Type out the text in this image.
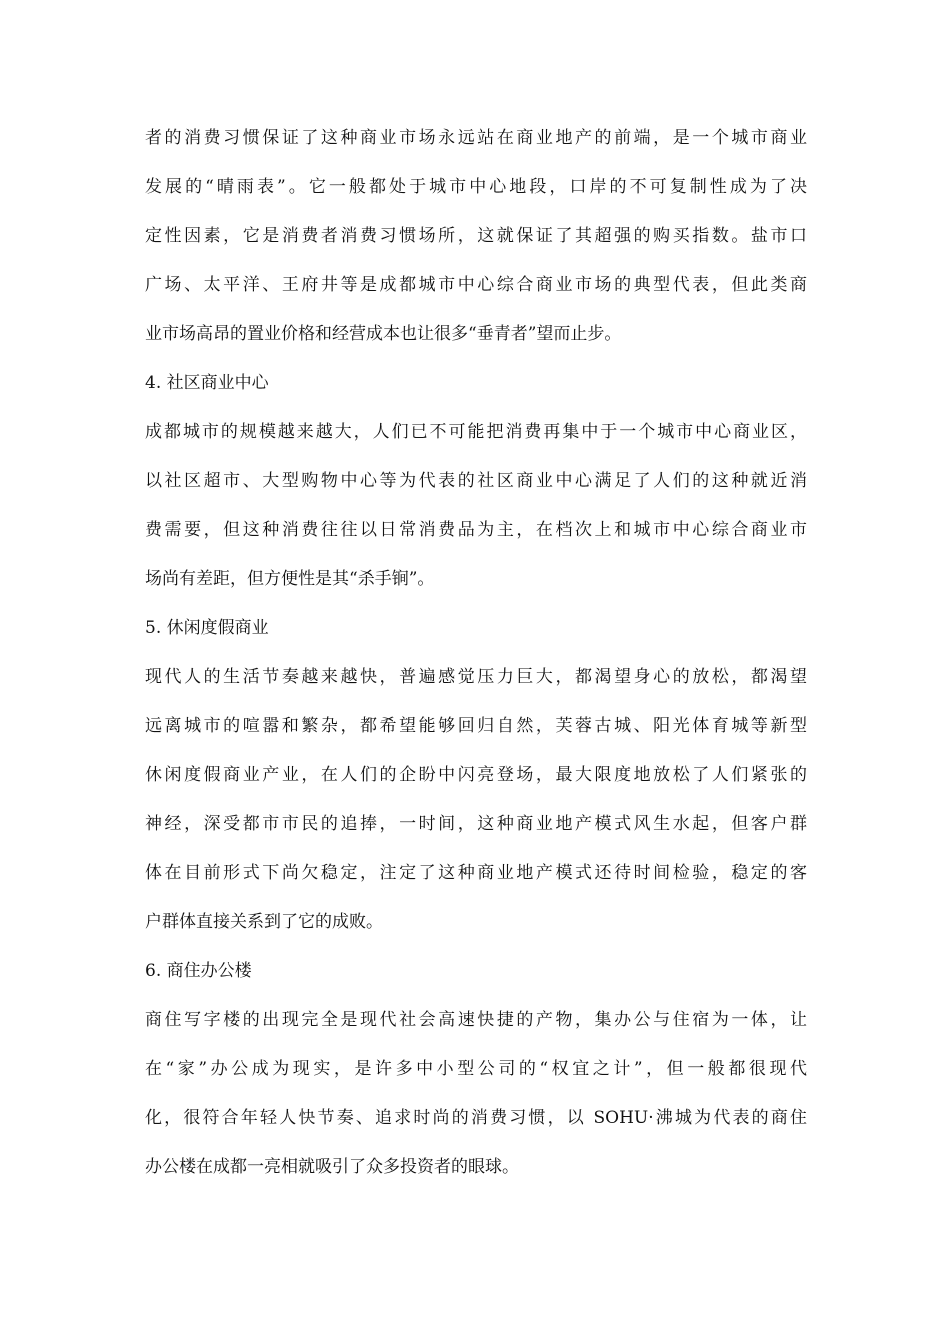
者的消费习惯保证了这种商业市场永远站在商业地产的前端，是一个城市商业
发展的“晴雨表”。它一般都处于城市中心地段，口岸的不可复制性成为了决
定性因素，它是消费者消费习惯场所，这就保证了其超强的购买指数。盐市口
广场、太平洋、王府井等是成都城市中心综合商业市场的典型代表，但此类商
业市场高昂的置业价格和经营成本也让很多“垂青者”望而止步。
4. 社区商业中心
成都城市的规模越来越大，人们已不可能把消费再集中于一个城市中心商业区，
以社区超市、大型购物中心等为代表的社区商业中心满足了人们的这种就近消
费需要，但这种消费往往以日常消费品为主，在档次上和城市中心综合商业市
场尚有差距，但方便性是其“杀手锏”。
5. 休闲度假商业
现代人的生活节奏越来越快，普遍感觉压力巨大，都渴望身心的放松，都渴望
远离城市的喧嚣和繁杂，都希望能够回归自然，芙蓉古城、阳光体育城等新型
休闲度假商业产业，在人们的企盼中闪亮登场，最大限度地放松了人们紧张的
神经，深受都市市民的追捧，一时间，这种商业地产模式风生水起，但客户群
体在目前形式下尚欠稳定，注定了这种商业地产模式还待时间检验，稳定的客
户群体直接关系到了它的成败。
6. 商住办公楼
商住写字楼的出现完全是现代社会高速快捷的产物，集办公与住宿为一体，让
在“家”办公成为现实，是许多中小型公司的“权宜之计”，但一般都很现代
化，很符合年轻人快节奏、追求时尚的消费习惯，以 SOHU·沸城为代表的商住
办公楼在成都一亮相就吸引了众多投资者的眼球。
